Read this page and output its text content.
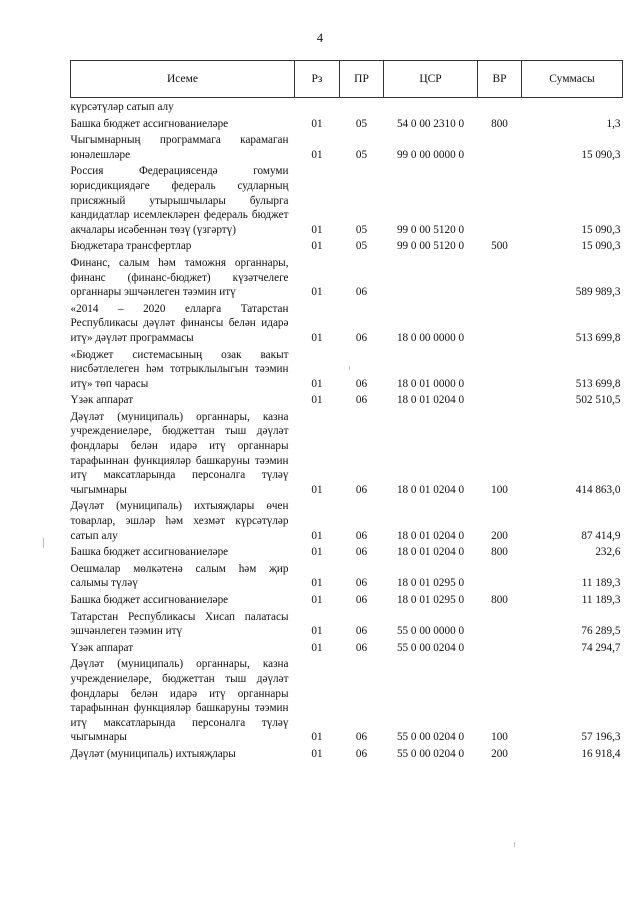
4
Исеме	Рз	ПР	ЦСР	ВР	Суммасы
күрсәтүләр сатып алу					
Башка бюджет ассигнованиеләре	01	05	54 0 00 2310 0	800	1,3
Чыгымнарның программага карамаган юнәлешләре	01	05	99 0 00 0000 0		15 090,3
Россия Федерациясендә гомуми юрисдикциядәге федераль судларның присяжный утырышчылары булырга кандидатлар исемлекләрен федераль бюджет акчалары исәбеннән төзү (үзгәртү)	01	05	99 0 00 5120 0		15 090,3
Бюджетара трансфертлар	01	05	99 0 00 5120 0	500	15 090,3
Финанс, салым һәм таможня органнары, финанс (финанс-бюджет) күзәтчелеге органнары эшчәнлеген тәэмин итү	01	06			589 989,3
«2014 – 2020 елларга Татарстан Республикасы дәүләт финансы белән идарә итү» дәүләт программасы	01	06	18 0 00 0000 0		513 699,8
«Бюджет системасының озак вакыт нисбәтлелеген һәм тотрыклылыгын тәэмин итү» төп чарасы	01	06	18 0 01 0000 0		513 699,8
Үзәк аппарат	01	06	18 0 01 0204 0		502 510,5
Дәүләт (муниципаль) органнары, казна учреждениеләре, бюджеттан тыш дәүләт фондлары белән идарә итү органнары тарафыннан функцияләр башкаруны тәэмин итү максатларында персоналга түләү чыгымнары	01	06	18 0 01 0204 0	100	414 863,0
Дәүләт (муниципаль) ихтыяҗлары өчен товарлар, эшләр һәм хезмәт күрсәтүләр сатып алу	01	06	18 0 01 0204 0	200	87 414,9
Башка бюджет ассигнованиеләре	01	06	18 0 01 0204 0	800	232,6
Оешмалар мөлкәтенә салым һәм җир салымы түләү	01	06	18 0 01 0295 0		11 189,3
Башка бюджет ассигнованиеләре	01	06	18 0 01 0295 0	800	11 189,3
Татарстан Республикасы Хисап палатасы эшчәнлеген тәэмин итү	01	06	55 0 00 0000 0		76 289,5
Үзәк аппарат	01	06	55 0 00 0204 0		74 294,7
Дәүләт (муниципаль) органнары, казна учреждениеләре, бюджеттан тыш дәүләт фондлары белән идарә итү органнары тарафыннан функцияләр башкаруны тәэмин итү максатларында персоналга түләү чыгымнары	01	06	55 0 00 0204 0	100	57 196,3
Дәүләт (муниципаль) ихтыяҗлары	01	06	55 0 00 0204 0	200	16 918,4
